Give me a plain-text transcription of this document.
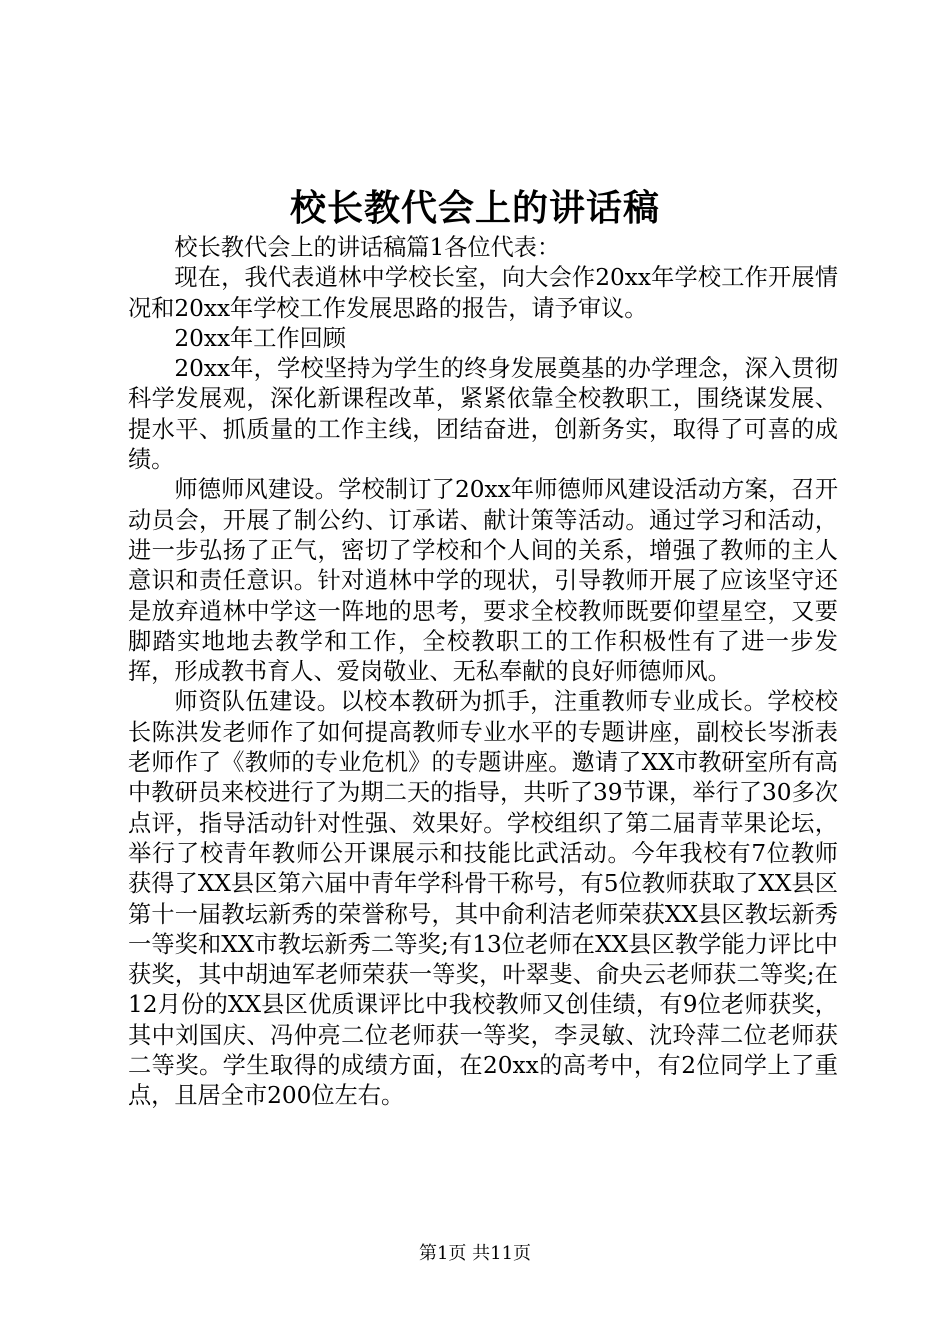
校长教代会上的讲话稿

校长教代会上的讲话稿篇1各位代表：

现在，我代表逍林中学校长室，向大会作20xx年学校工作开展情况和20xx年学校工作发展思路的报告，请予审议。

20xx年工作回顾

20xx年，学校坚持为学生的终身发展奠基的办学理念，深入贯彻科学发展观，深化新课程改革，紧紧依靠全校教职工，围绕谋发展、提水平、抓质量的工作主线，团结奋进，创新务实，取得了可喜的成绩。

师德师风建设。学校制订了20xx年师德师风建设活动方案，召开动员会，开展了制公约、订承诺、献计策等活动。通过学习和活动，进一步弘扬了正气，密切了学校和个人间的关系，增强了教师的主人意识和责任意识。针对逍林中学的现状，引导教师开展了应该坚守还是放弃逍林中学这一阵地的思考，要求全校教师既要仰望星空，又要脚踏实地地去教学和工作，全校教职工的工作积极性有了进一步发挥，形成教书育人、爱岗敬业、无私奉献的良好师德师风。

师资队伍建设。以校本教研为抓手，注重教师专业成长。学校校长陈洪发老师作了如何提高教师专业水平的专题讲座，副校长岑浙表老师作了《教师的专业危机》的专题讲座。邀请了XX市教研室所有高中教研员来校进行了为期二天的指导，共听了39节课，举行了30多次点评，指导活动针对性强、效果好。学校组织了第二届青苹果论坛，举行了校青年教师公开课展示和技能比武活动。今年我校有7位教师获得了XX县区第六届中青年学科骨干称号，有5位教师获取了XX县区第十一届教坛新秀的荣誉称号，其中俞利洁老师荣获XX县区教坛新秀一等奖和XX市教坛新秀二等奖;有13位老师在XX县区教学能力评比中获奖，其中胡迪军老师荣获一等奖，叶翠斐、俞央云老师获二等奖;在12月份的XX县区优质课评比中我校教师又创佳绩，有9位老师获奖，其中刘国庆、冯仲亮二位老师获一等奖，李灵敏、沈玲萍二位老师获二等奖。学生取得的成绩方面，在20xx的高考中，有2位同学上了重点，且居全市200位左右。

第1页 共11页
